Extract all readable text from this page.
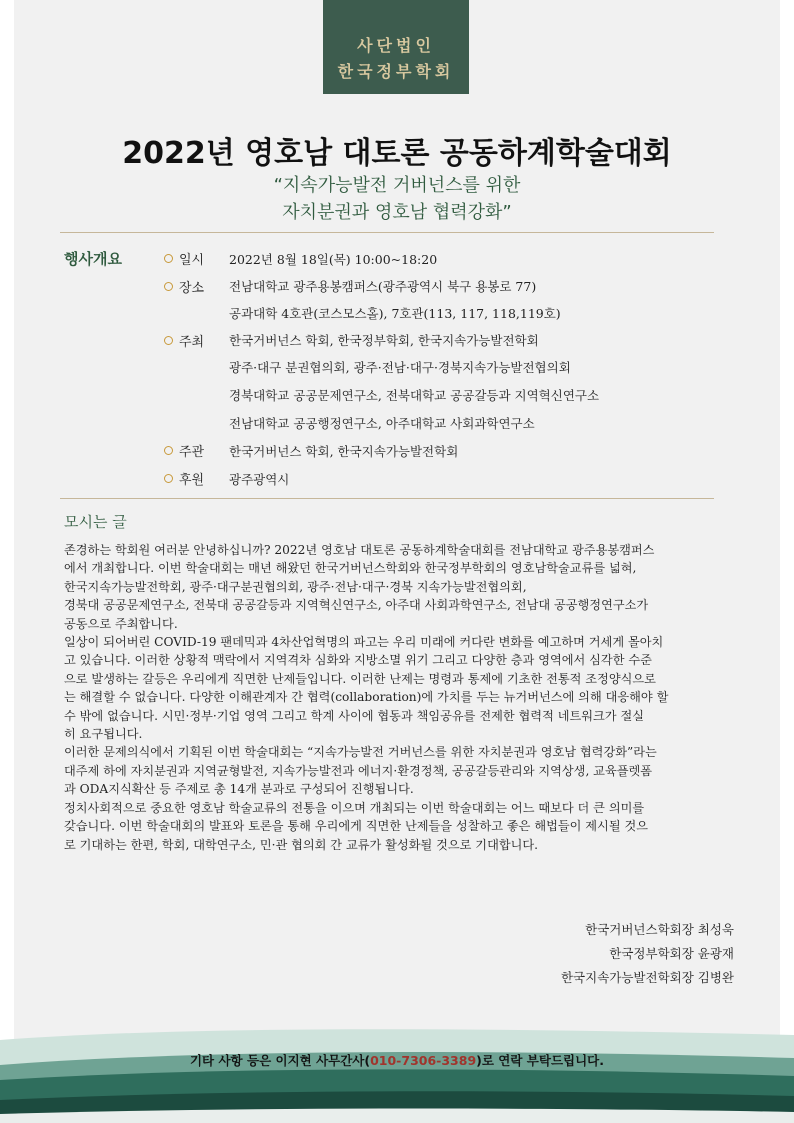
사단법인
한국정부학회
2022년 영호남 대토론 공동하계학술대회
“지속가능발전 거버넌스를 위한
자치분권과 영호남 협력강화”
행사개요	일시 2022년 8월 18일(목) 10:00~18:20
장소 전남대학교 광주용봉캠퍼스(광주광역시 북구 용봉로 77)
공과대학 4호관(코스모스홀), 7호관(113, 117, 118,119호)
주최 한국거버넌스 학회, 한국정부학회, 한국지속가능발전학회
광주·대구 분권협의회, 광주·전남·대구·경북지속가능발전협의회
경북대학교 공공문제연구소, 전북대학교 공공갈등과 지역혁신연구소
전남대학교 공공행정연구소, 아주대학교 사회과학연구소
주관 한국거버넌스 학회, 한국지속가능발전학회
후원 광주광역시
모시는 글

존경하는 학회원 여러분 안녕하십니까? 2022년 영호남 대토론 공동하계학술대회를 전남대학교 광주용봉캠퍼스

에서 개최합니다. 이번 학술대회는 매년 해왔던 한국거버넌스학회와 한국정부학회의 영호남학술교류를 넓혀,

한국지속가능발전학회, 광주·대구분권협의회, 광주·전남·대구·경북 지속가능발전협의회,

경북대 공공문제연구소, 전북대 공공갈등과 지역혁신연구소, 아주대 사회과학연구소, 전남대 공공행정연구소가

공동으로 주최합니다.

일상이 되어버린 COVID-19 팬데믹과 4차산업혁명의 파고는 우리 미래에 커다란 변화를 예고하며 거세게 몰아치

고 있습니다. 이러한 상황적 맥락에서 지역격차 심화와 지방소멸 위기 그리고 다양한 층과 영역에서 심각한 수준

으로 발생하는 갈등은 우리에게 직면한 난제들입니다. 이러한 난제는 명령과 통제에 기초한 전통적 조정양식으로

는 해결할 수 없습니다. 다양한 이해관계자 간 협력(collaboration)에 가치를 두는 뉴거버넌스에 의해 대응해야 할

수 밖에 없습니다. 시민·정부·기업 영역 그리고 학계 사이에 협동과 책임공유를 전제한 협력적 네트워크가 절실

히 요구됩니다.

이러한 문제의식에서 기획된 이번 학술대회는 “지속가능발전 거버넌스를 위한 자치분권과 영호남 협력강화”라는

대주제 하에 자치분권과 지역균형발전, 지속가능발전과 에너지·환경정책, 공공갈등관리와 지역상생, 교육플렛폼

과 ODA지식확산 등 주제로 총 14개 분과로 구성되어 진행됩니다.

정치사회적으로 중요한 영호남 학술교류의 전통을 이으며 개최되는 이번 학술대회는 어느 때보다 더 큰 의미를

갖습니다. 이번 학술대회의 발표와 토론을 통해 우리에게 직면한 난제들을 성찰하고 좋은 해법들이 제시될 것으

로 기대하는 한편, 학회, 대학연구소, 민·관 협의회 간 교류가 활성화될 것으로 기대합니다.

한국거버넌스학회장 최성욱
한국정부학회장 윤광재
한국지속가능발전학회장 김병완
기타 사항 등은 이지현 사무간사(010-7306-3389)로 연락 부탁드립니다.
